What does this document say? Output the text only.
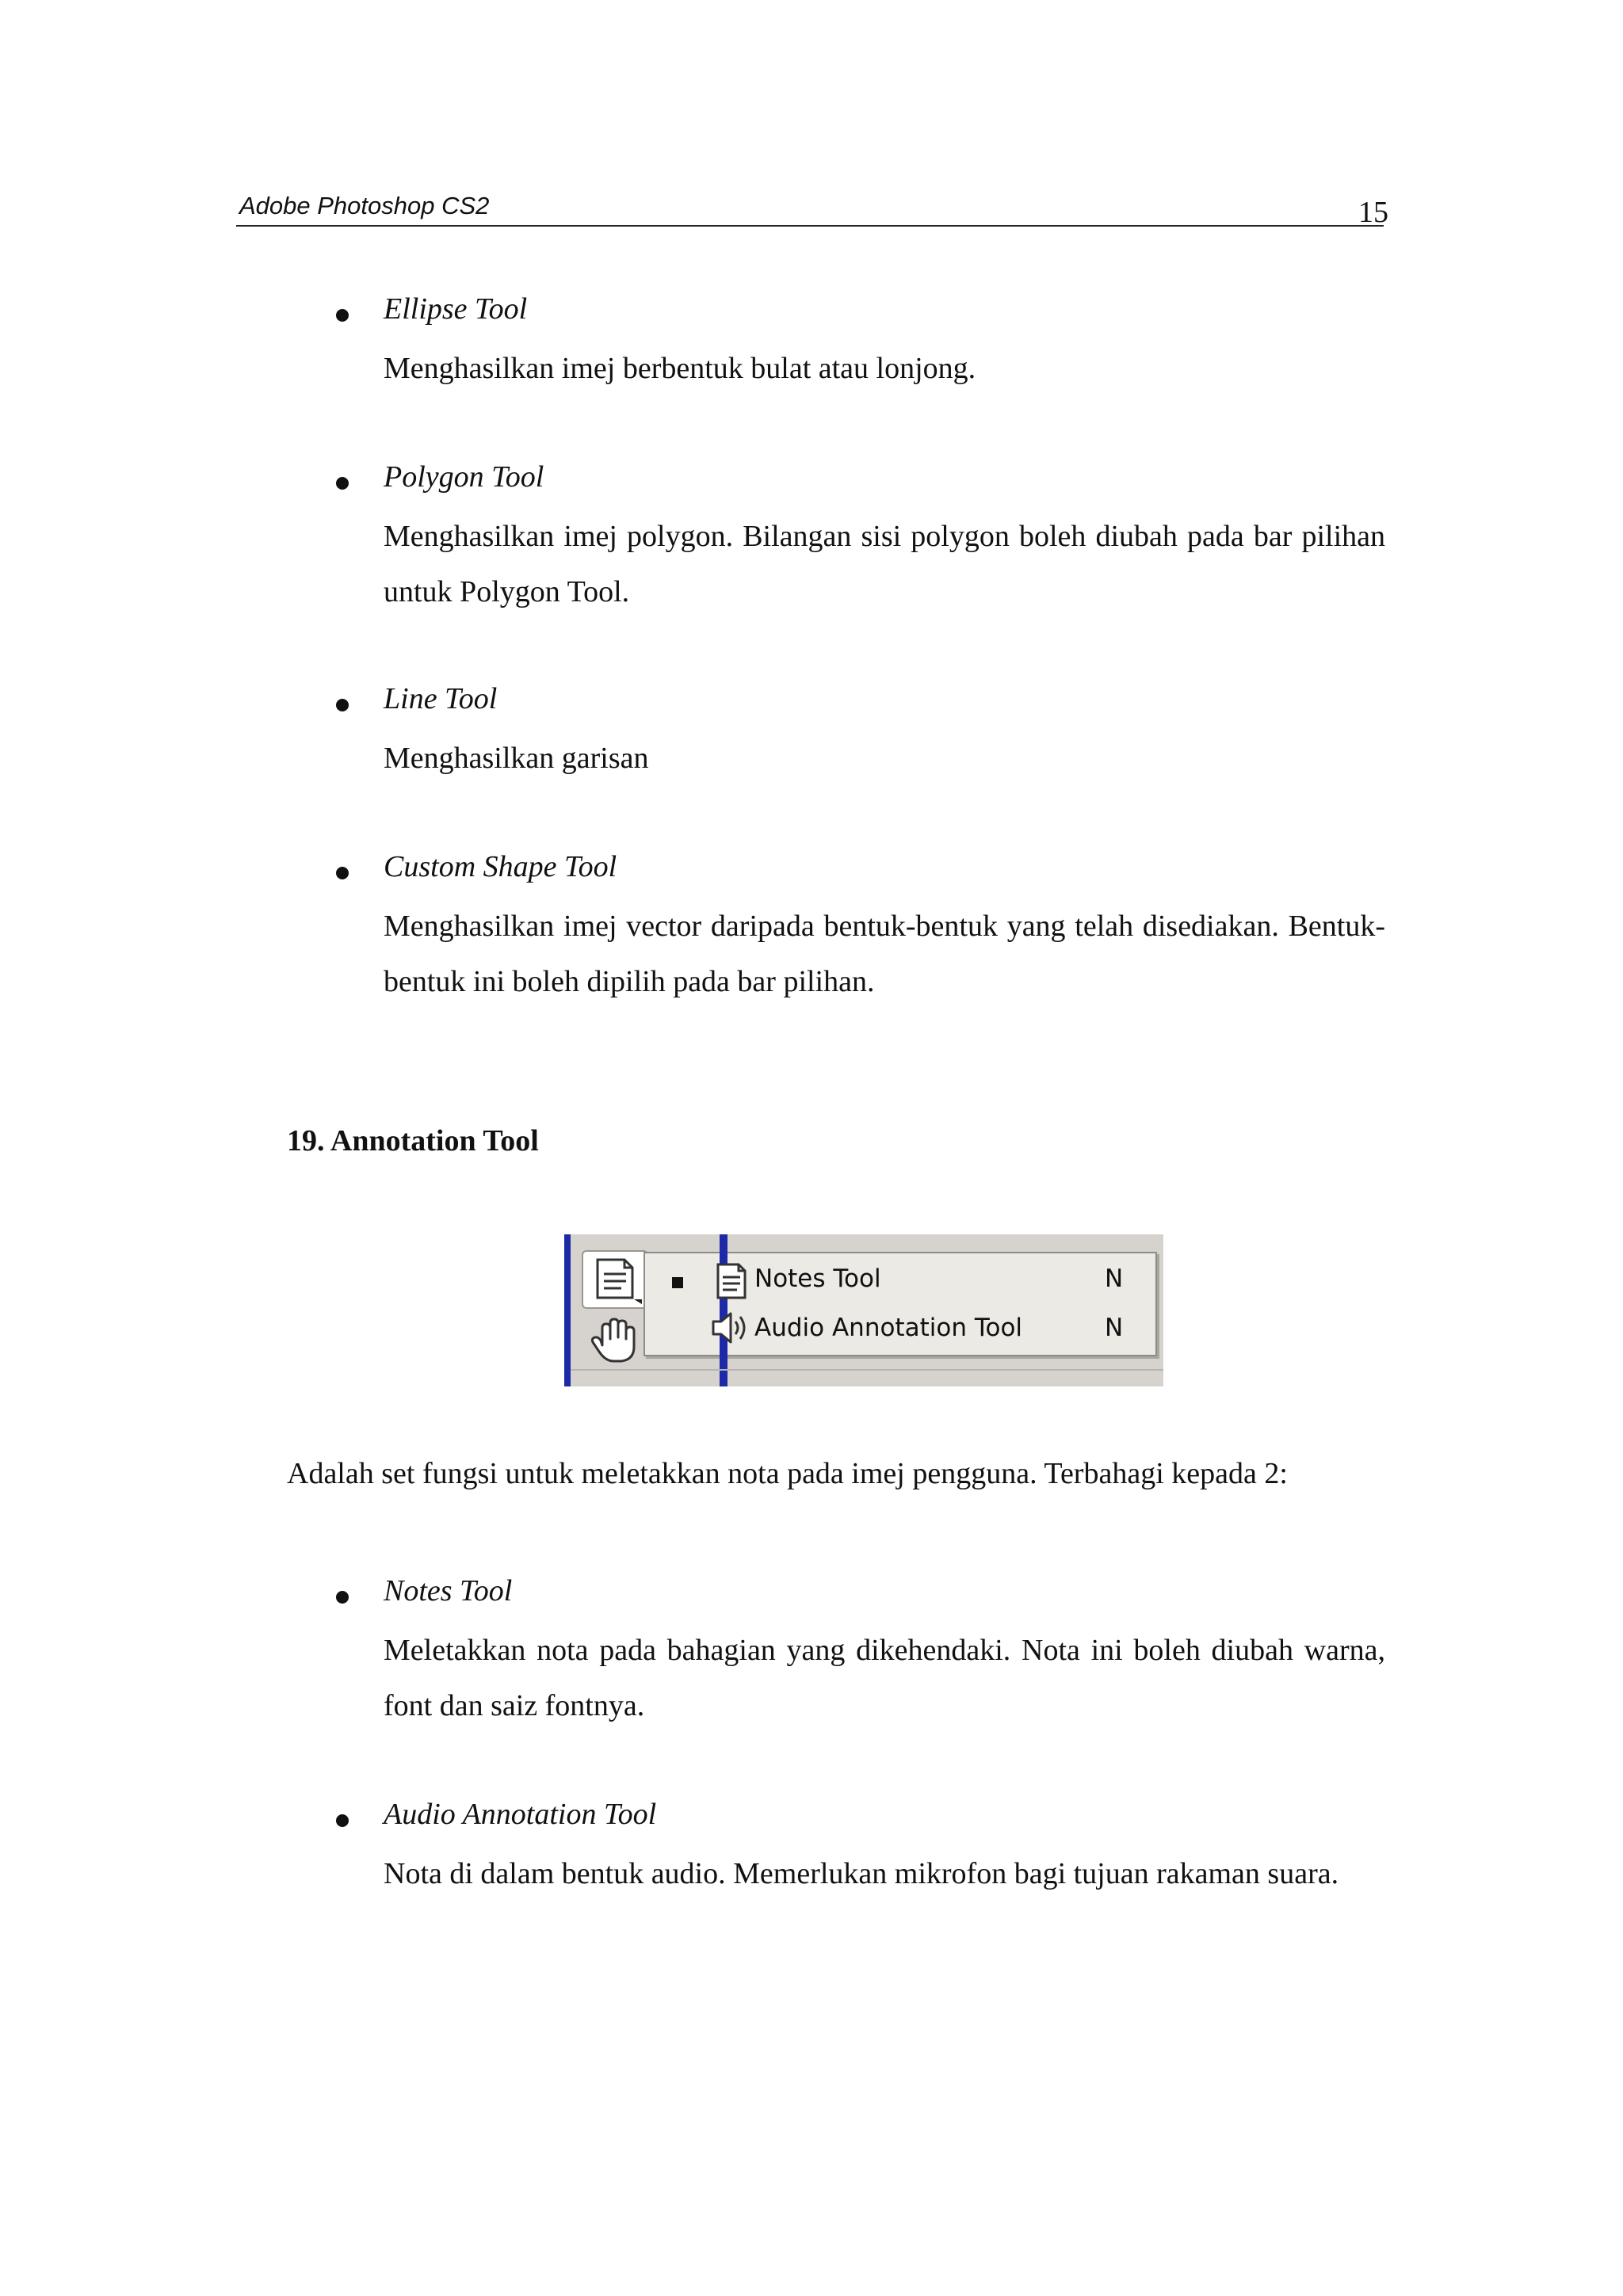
Adobe Photoshop CS2	15
Ellipse Tool
Menghasilkan imej berbentuk bulat atau lonjong.
Polygon Tool
Menghasilkan imej polygon. Bilangan sisi polygon boleh diubah pada bar pilihan untuk Polygon Tool.
Line Tool
Menghasilkan garisan
Custom Shape Tool
Menghasilkan imej vector daripada bentuk-bentuk yang telah disediakan. Bentuk-bentuk ini boleh dipilih pada bar pilihan.
19. Annotation Tool
Notes Tool	N
Audio Annotation Tool	N
Adalah set fungsi untuk meletakkan nota pada imej pengguna. Terbahagi kepada 2:
Notes Tool
Meletakkan nota pada bahagian yang dikehendaki. Nota ini boleh diubah warna, font dan saiz fontnya.
Audio Annotation Tool
Nota di dalam bentuk audio. Memerlukan mikrofon bagi tujuan rakaman suara.
